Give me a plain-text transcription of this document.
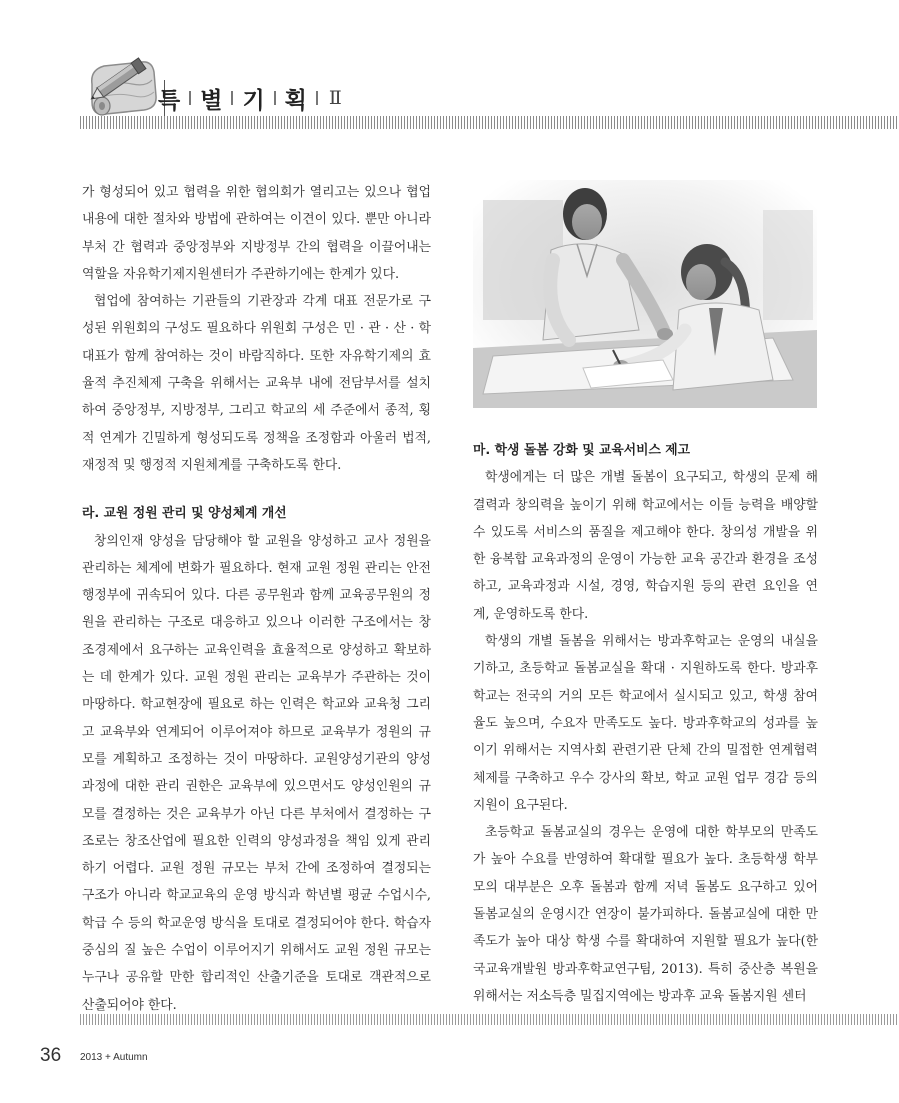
특 별 기 획 Ⅱ

가 형성되어 있고 협력을 위한 협의회가 열리고는 있으나 협업 내용에 대한 절차와 방법에 관하여는 이견이 있다. 뿐만 아니라 부처 간 협력과 중앙정부와 지방정부 간의 협력을 이끌어내는 역할을 자유학기제지원센터가 주관하기에는 한계가 있다.

협업에 참여하는 기관들의 기관장과 각계 대표 전문가로 구성된 위원회의 구성도 필요하다 위원회 구성은 민 · 관 · 산 · 학 대표가 함께 참여하는 것이 바람직하다. 또한 자유학기제의 효율적 추진체제 구축을 위해서는 교육부 내에 전담부서를 설치하여 중앙정부, 지방정부, 그리고 학교의 세 주준에서 종적, 횡적 연계가 긴밀하게 형성되도록 정책을 조정함과 아울러 법적, 재정적 및 행정적 지원체계를 구축하도록 한다.

라. 교원 정원 관리 및 양성체계 개선

창의인재 양성을 담당해야 할 교원을 양성하고 교사 정원을 관리하는 체계에 변화가 필요하다. 현재 교원 정원 관리는 안전행정부에 귀속되어 있다. 다른 공무원과 함께 교육공무원의 정원을 관리하는 구조로 대응하고 있으나 이러한 구조에서는 창조경제에서 요구하는 교육인력을 효율적으로 양성하고 확보하는 데 한계가 있다. 교원 정원 관리는 교육부가 주관하는 것이 마땅하다. 학교현장에 필요로 하는 인력은 학교와 교육청 그리고 교육부와 연계되어 이루어져야 하므로 교육부가 정원의 규모를 계획하고 조정하는 것이 마땅하다. 교원양성기관의 양성과정에 대한 관리 권한은 교육부에 있으면서도 양성인원의 규모를 결정하는 것은 교육부가 아닌 다른 부처에서 결정하는 구조로는 창조산업에 필요한 인력의 양성과정을 책임 있게 관리하기 어렵다. 교원 정원 규모는 부처 간에 조정하여 결정되는 구조가 아니라 학교교육의 운영 방식과 학년별 평균 수업시수, 학급 수 등의 학교운영 방식을 토대로 결정되어야 한다. 학습자 중심의 질 높은 수업이 이루어지기 위해서도 교원 정원 규모는 누구나 공유할 만한 합리적인 산출기준을 토대로 객관적으로 산출되어야 한다.

마. 학생 돌봄 강화 및 교육서비스 제고

학생에게는 더 많은 개별 돌봄이 요구되고, 학생의 문제 해결력과 창의력을 높이기 위해 학교에서는 이들 능력을 배양할 수 있도록 서비스의 품질을 제고해야 한다. 창의성 개발을 위한 융복합 교육과정의 운영이 가능한 교육 공간과 환경을 조성하고, 교육과정과 시설, 경영, 학습지원 등의 관련 요인을 연계, 운영하도록 한다.

학생의 개별 돌봄을 위해서는 방과후학교는 운영의 내실을 기하고, 초등학교 돌봄교실을 확대 · 지원하도록 한다. 방과후학교는 전국의 거의 모든 학교에서 실시되고 있고, 학생 참여율도 높으며, 수요자 만족도도 높다. 방과후학교의 성과를 높이기 위해서는 지역사회 관련기관 단체 간의 밀접한 연계협력 체제를 구축하고 우수 강사의 확보, 학교 교원 업무 경감 등의 지원이 요구된다.

초등학교 돌봄교실의 경우는 운영에 대한 학부모의 만족도가 높아 수요를 반영하여 확대할 필요가 높다. 초등학생 학부모의 대부분은 오후 돌봄과 함께 저녁 돌봄도 요구하고 있어 돌봄교실의 운영시간 연장이 불가피하다. 돌봄교실에 대한 만족도가 높아 대상 학생 수를 확대하여 지원할 필요가 높다(한국교육개발원 방과후학교연구팀, 2013). 특히 중산층 복원을 위해서는 저소득층 밀집지역에는 방과후 교육 돌봄지원 센터

36 2013 + Autumn
